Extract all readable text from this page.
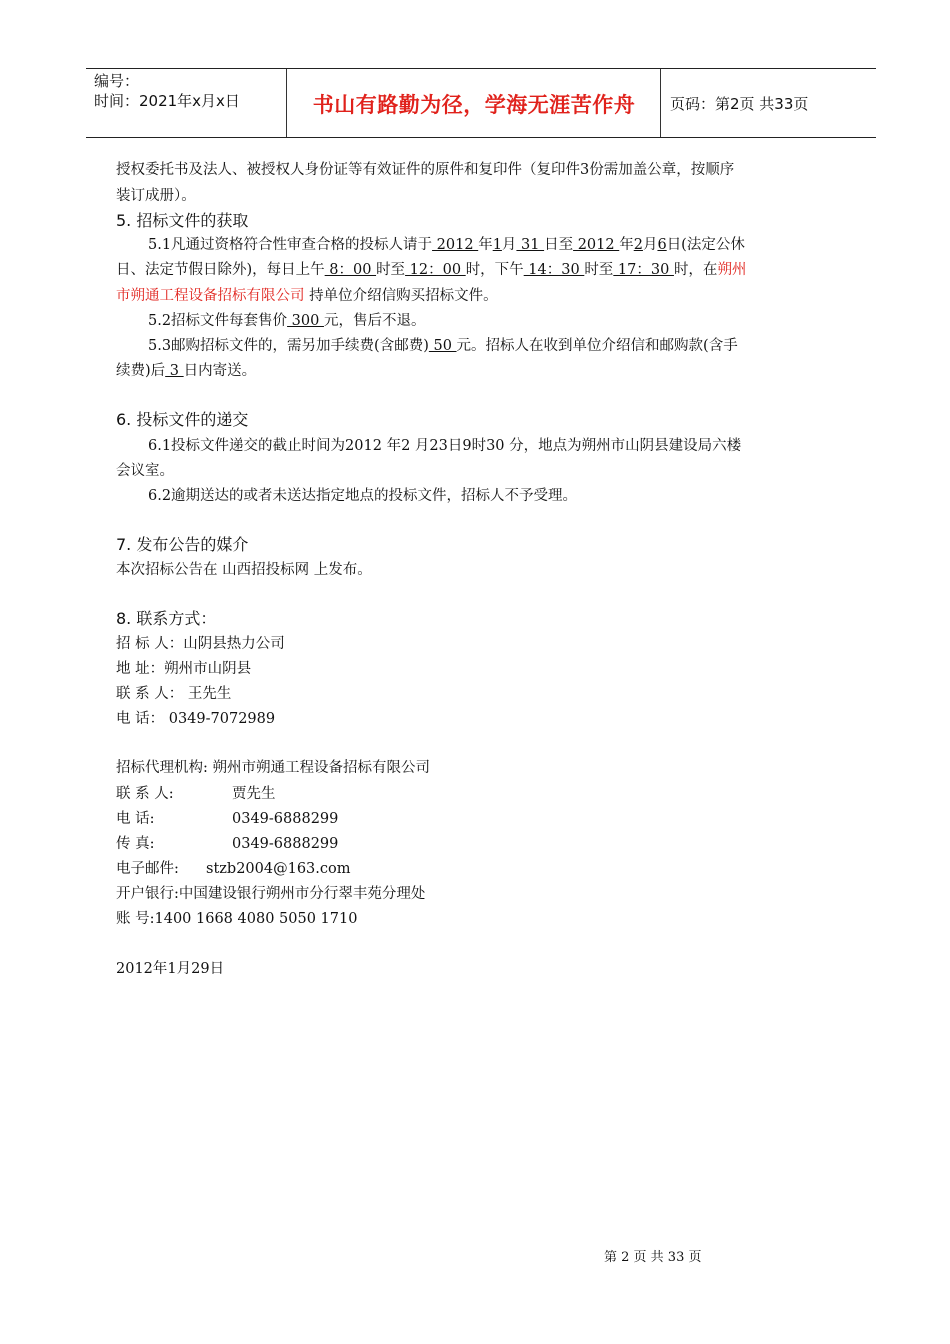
编号：
时间：2021年x月x日	书山有路勤为径，学海无涯苦作舟	页码：第2页 共33页
授权委托书及法人、被授权人身份证等有效证件的原件和复印件（复印件3份需加盖公章，按顺序
装订成册）。
5. 招标文件的获取
5.1凡通过资格符合性审查合格的投标人请于 2012 年1月 31 日至 2012 年2月6日(法定公休
日、法定节假日除外)，每日上午 8：00 时至 12：00 时，下午 14：30 时至 17：30 时，在朔州
市朔通工程设备招标有限公司 持单位介绍信购买招标文件。
5.2招标文件每套售价 300 元，售后不退。
5.3邮购招标文件的，需另加手续费(含邮费) 50 元。招标人在收到单位介绍信和邮购款(含手
续费)后 3 日内寄送。
6. 投标文件的递交
6.1投标文件递交的截止时间为2012 年2 月23日9时30 分，地点为朔州市山阴县建设局六楼
会议室。
6.2逾期送达的或者未送达指定地点的投标文件，招标人不予受理。
7. 发布公告的媒介
本次招标公告在 山西招投标网 上发布。
8. 联系方式：
招 标 人：山阴县热力公司
地 址：朔州市山阴县
联 系 人： 王先生
电 话： 0349-7072989
招标代理机构: 朔州市朔通工程设备招标有限公司
联 系 人:	贾先生
电 话:	0349-6888299
传 真:	0349-6888299
电子邮件: stzb2004@163.com
开户银行:中国建设银行朔州市分行翠丰苑分理处
账 号:1400 1668 4080 5050 1710
2012年1月29日
第 2 页 共 33 页
